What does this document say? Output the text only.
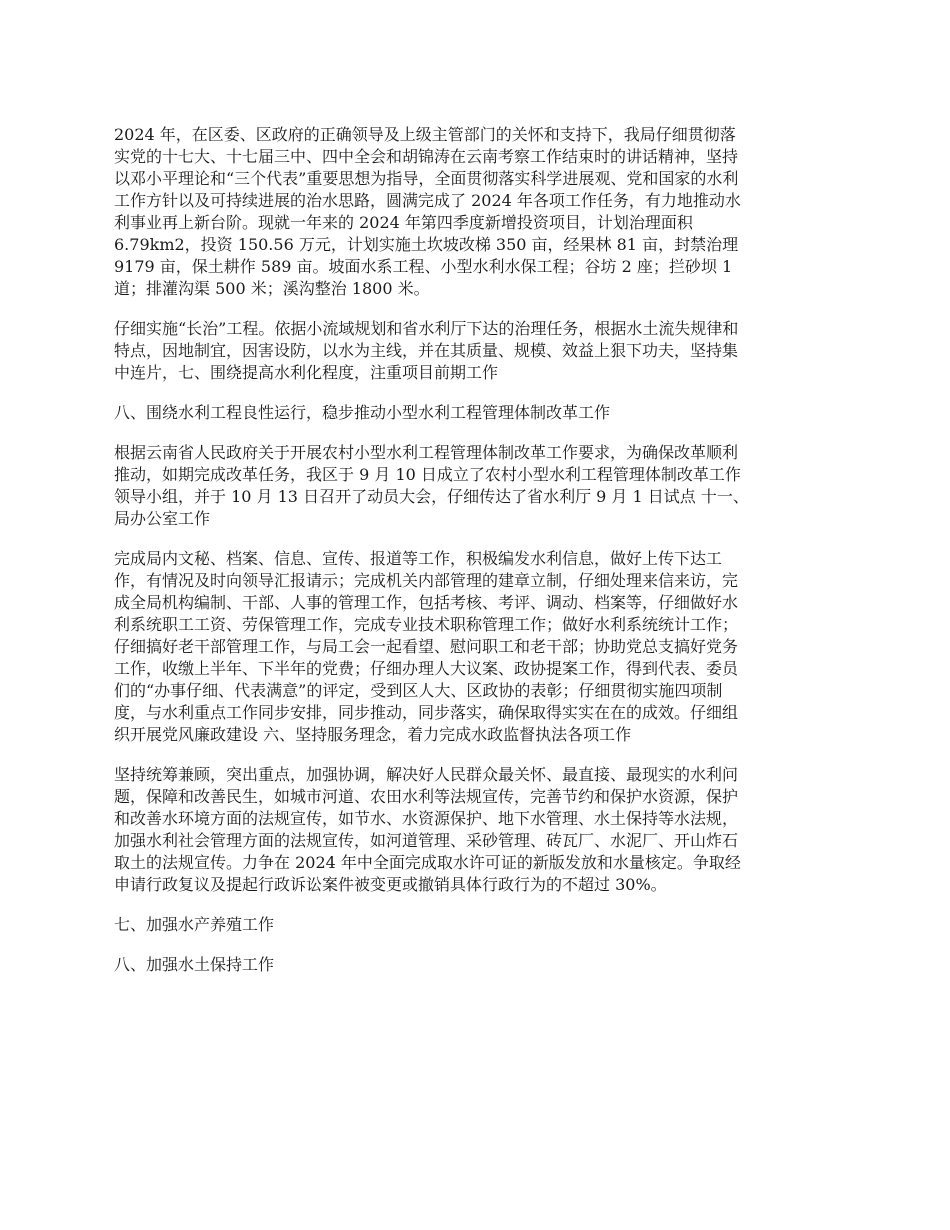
2024 年，在区委、区政府的正确领导及上级主管部门的关怀和支持下，我局仔细贯彻落
实党的十七大、十七届三中、四中全会和胡锦涛在云南考察工作结束时的讲话精神，坚持
以邓小平理论和“三个代表”重要思想为指导，全面贯彻落实科学进展观、党和国家的水利
工作方针以及可持续进展的治水思路，圆满完成了 2024 年各项工作任务，有力地推动水
利事业再上新台阶。现就一年来的 2024 年第四季度新增投资项目，计划治理面积
6.79km2，投资 150.56 万元，计划实施土坎坡改梯 350 亩，经果林 81 亩，封禁治理
9179 亩，保土耕作 589 亩。坡面水系工程、小型水利水保工程；谷坊 2 座；拦砂坝 1
道；排灌沟渠 500 米；溪沟整治 1800 米。

仔细实施“长治”工程。依据小流域规划和省水利厅下达的治理任务，根据水土流失规律和
特点，因地制宜，因害设防，以水为主线，并在其质量、规模、效益上狠下功夫，坚持集
中连片，七、围绕提高水利化程度，注重项目前期工作

八、围绕水利工程良性运行，稳步推动小型水利工程管理体制改革工作

根据云南省人民政府关于开展农村小型水利工程管理体制改革工作要求，为确保改革顺利
推动，如期完成改革任务，我区于 9 月 10 日成立了农村小型水利工程管理体制改革工作
领导小组，并于 10 月 13 日召开了动员大会，仔细传达了省水利厅 9 月 1 日试点 十一、
局办公室工作

完成局内文秘、档案、信息、宣传、报道等工作，积极编发水利信息，做好上传下达工
作，有情况及时向领导汇报请示；完成机关内部管理的建章立制，仔细处理来信来访，完
成全局机构编制、干部、人事的管理工作，包括考核、考评、调动、档案等，仔细做好水
利系统职工工资、劳保管理工作，完成专业技术职称管理工作；做好水利系统统计工作；
仔细搞好老干部管理工作，与局工会一起看望、慰问职工和老干部；协助党总支搞好党务
工作，收缴上半年、下半年的党费；仔细办理人大议案、政协提案工作，得到代表、委员
们的“办事仔细、代表满意”的评定，受到区人大、区政协的表彰；仔细贯彻实施四项制
度，与水利重点工作同步安排，同步推动，同步落实，确保取得实实在在的成效。仔细组
织开展党风廉政建设 六、坚持服务理念，着力完成水政监督执法各项工作

坚持统筹兼顾，突出重点，加强协调，解决好人民群众最关怀、最直接、最现实的水利问
题，保障和改善民生，如城市河道、农田水利等法规宣传，完善节约和保护水资源，保护
和改善水环境方面的法规宣传，如节水、水资源保护、地下水管理、水土保持等水法规，
加强水利社会管理方面的法规宣传，如河道管理、采砂管理、砖瓦厂、水泥厂、开山炸石
取土的法规宣传。力争在 2024 年中全面完成取水许可证的新版发放和水量核定。争取经
申请行政复议及提起行政诉讼案件被变更或撤销具体行政行为的不超过 30%。

七、加强水产养殖工作

八、加强水土保持工作
